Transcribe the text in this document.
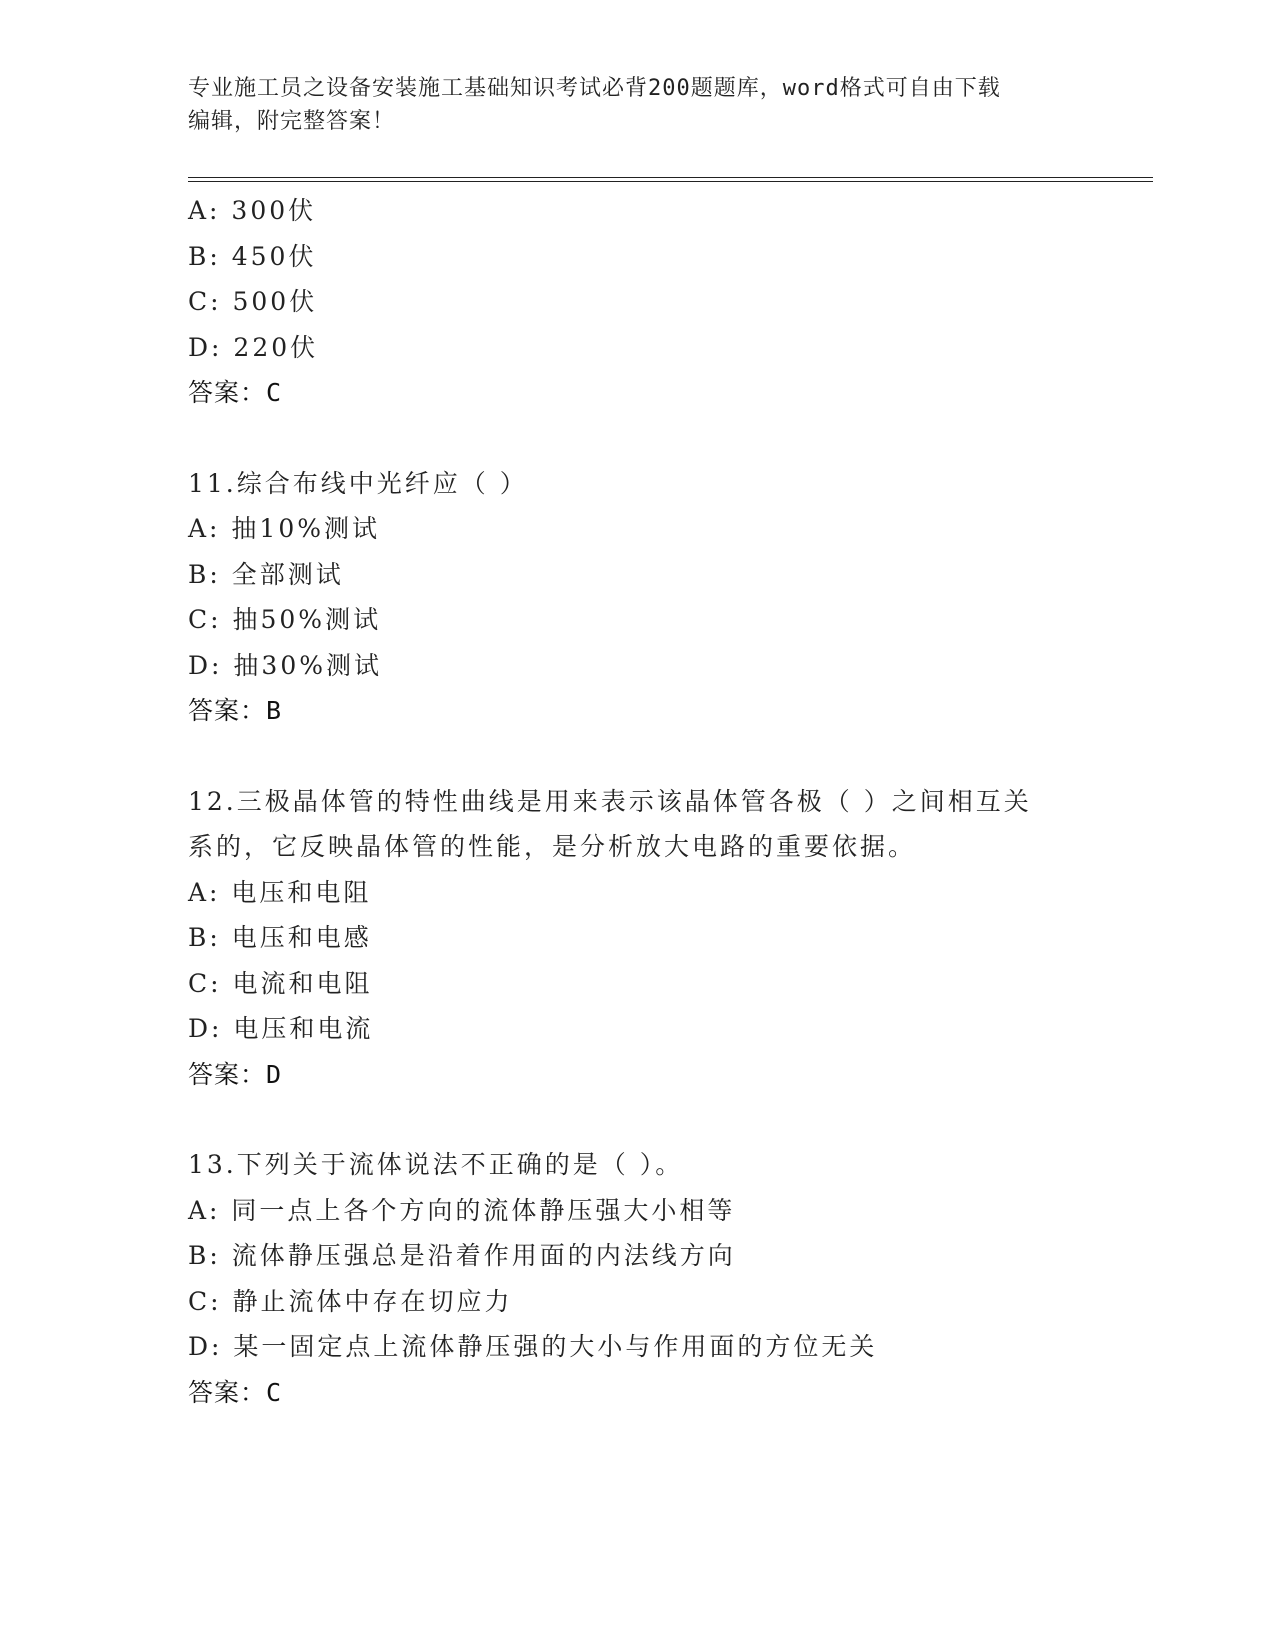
专业施工员之设备安装施工基础知识考试必背200题题库，word格式可自由下载
编辑，附完整答案！
A: 300伏
B: 450伏
C: 500伏
D: 220伏
答案：C
11.综合布线中光纤应（ ）
A: 抽10%测试
B: 全部测试
C: 抽50%测试
D: 抽30%测试
答案：B
12.三极晶体管的特性曲线是用来表示该晶体管各极（ ）之间相互关
系的，它反映晶体管的性能，是分析放大电路的重要依据。
A: 电压和电阻
B: 电压和电感
C: 电流和电阻
D: 电压和电流
答案：D
13.下列关于流体说法不正确的是（ ）。
A: 同一点上各个方向的流体静压强大小相等
B: 流体静压强总是沿着作用面的内法线方向
C: 静止流体中存在切应力
D: 某一固定点上流体静压强的大小与作用面的方位无关
答案：C
